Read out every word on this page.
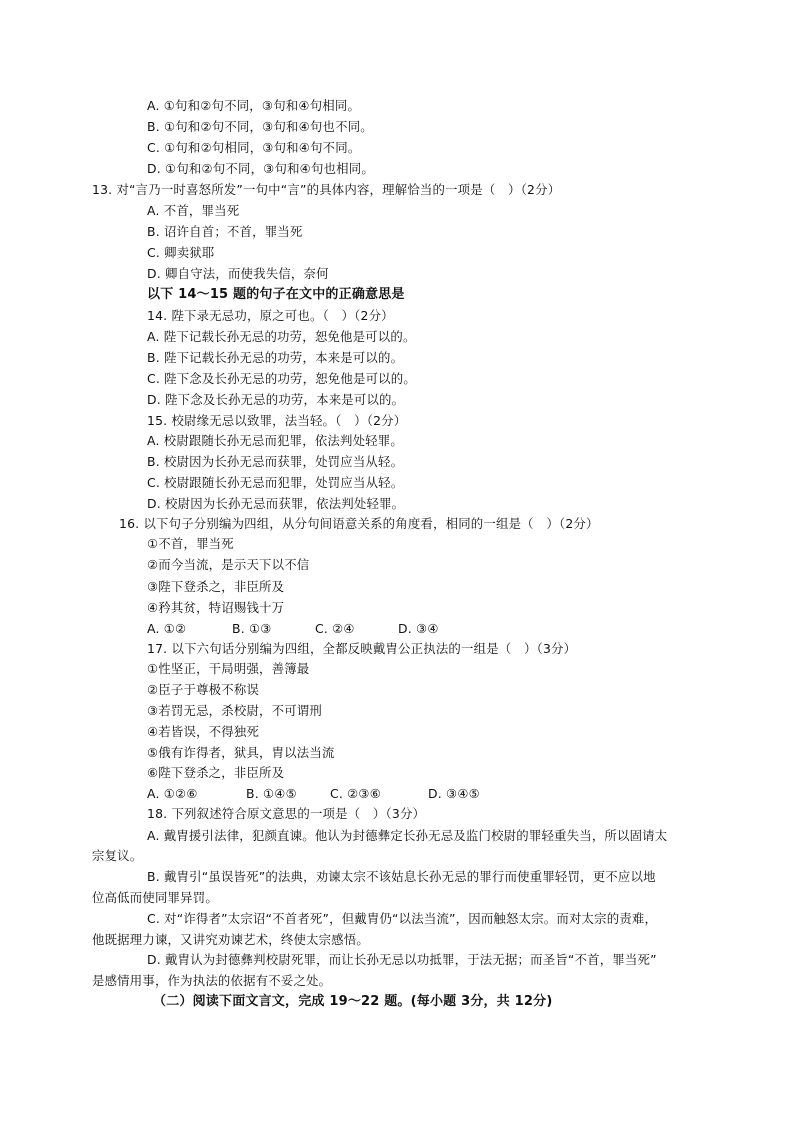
A. ①句和②句不同，③句和④句相同。
B. ①句和②句不同，③句和④句也不同。
C. ①句和②句相同，③句和④句不同。
D. ①句和②句不同，③句和④句也相同。
13. 对“言乃一时喜怒所发”一句中“言”的具体内容，理解恰当的一项是（　）（2分）
A. 不首，罪当死
B. 诏许自首；不首，罪当死
C. 卿卖狱耶
D. 卿自守法，而使我失信，奈何
以下 14～15 题的句子在文中的正确意思是
14. 陛下录无忌功，原之可也。（　）（2分）
A. 陛下记载长孙无忌的功劳，恕免他是可以的。
B. 陛下记载长孙无忌的功劳，本来是可以的。
C. 陛下念及长孙无忌的功劳，恕免他是可以的。
D. 陛下念及长孙无忌的功劳，本来是可以的。
15. 校尉缘无忌以致罪，法当轻。（　）（2分）
A. 校尉跟随长孙无忌而犯罪，依法判处轻罪。
B. 校尉因为长孙无忌而获罪，处罚应当从轻。
C. 校尉跟随长孙无忌而犯罪，处罚应当从轻。
D. 校尉因为长孙无忌而获罪，依法判处轻罪。
16. 以下句子分别编为四组，从分句间语意关系的角度看，相同的一组是（　）（2分）
①不首，罪当死
②而今当流，是示天下以不信
③陛下登杀之，非臣所及
④矜其贫，特诏赐钱十万
A. ①②	B. ①③	C. ②④	D. ③④
17. 以下六句话分别编为四组，全都反映戴胄公正执法的一组是（　）（3分）
①性坚正，干局明强，善簿最
②臣子于尊极不称误
③若罚无忌，杀校尉，不可谓刑
④若皆误，不得独死
⑤俄有诈得者，狱具，胄以法当流
⑥陛下登杀之，非臣所及
A. ①②⑥	B. ①④⑤	C. ②③⑥	D. ③④⑤
18. 下列叙述符合原文意思的一项是（　）（3分）
A. 戴胄援引法律，犯颜直谏。他认为封德彝定长孙无忌及监门校尉的罪轻重失当，所以固请太
宗复议。
B. 戴胄引“虽误皆死”的法典，劝谏太宗不该姑息长孙无忌的罪行而使重罪轻罚，更不应以地
位高低而使同罪异罚。
C. 对“诈得者”太宗诏“不首者死”，但戴胄仍“以法当流”，因而触怒太宗。而对太宗的责难，
他既据理力谏，又讲究劝谏艺术，终使太宗感悟。
D. 戴胄认为封德彝判校尉死罪，而让长孙无忌以功抵罪，于法无据；而圣旨“不首，罪当死”
是感情用事，作为执法的依据有不妥之处。
（二）阅读下面文言文，完成 19～22 题。(每小题 3分，共 12分)
